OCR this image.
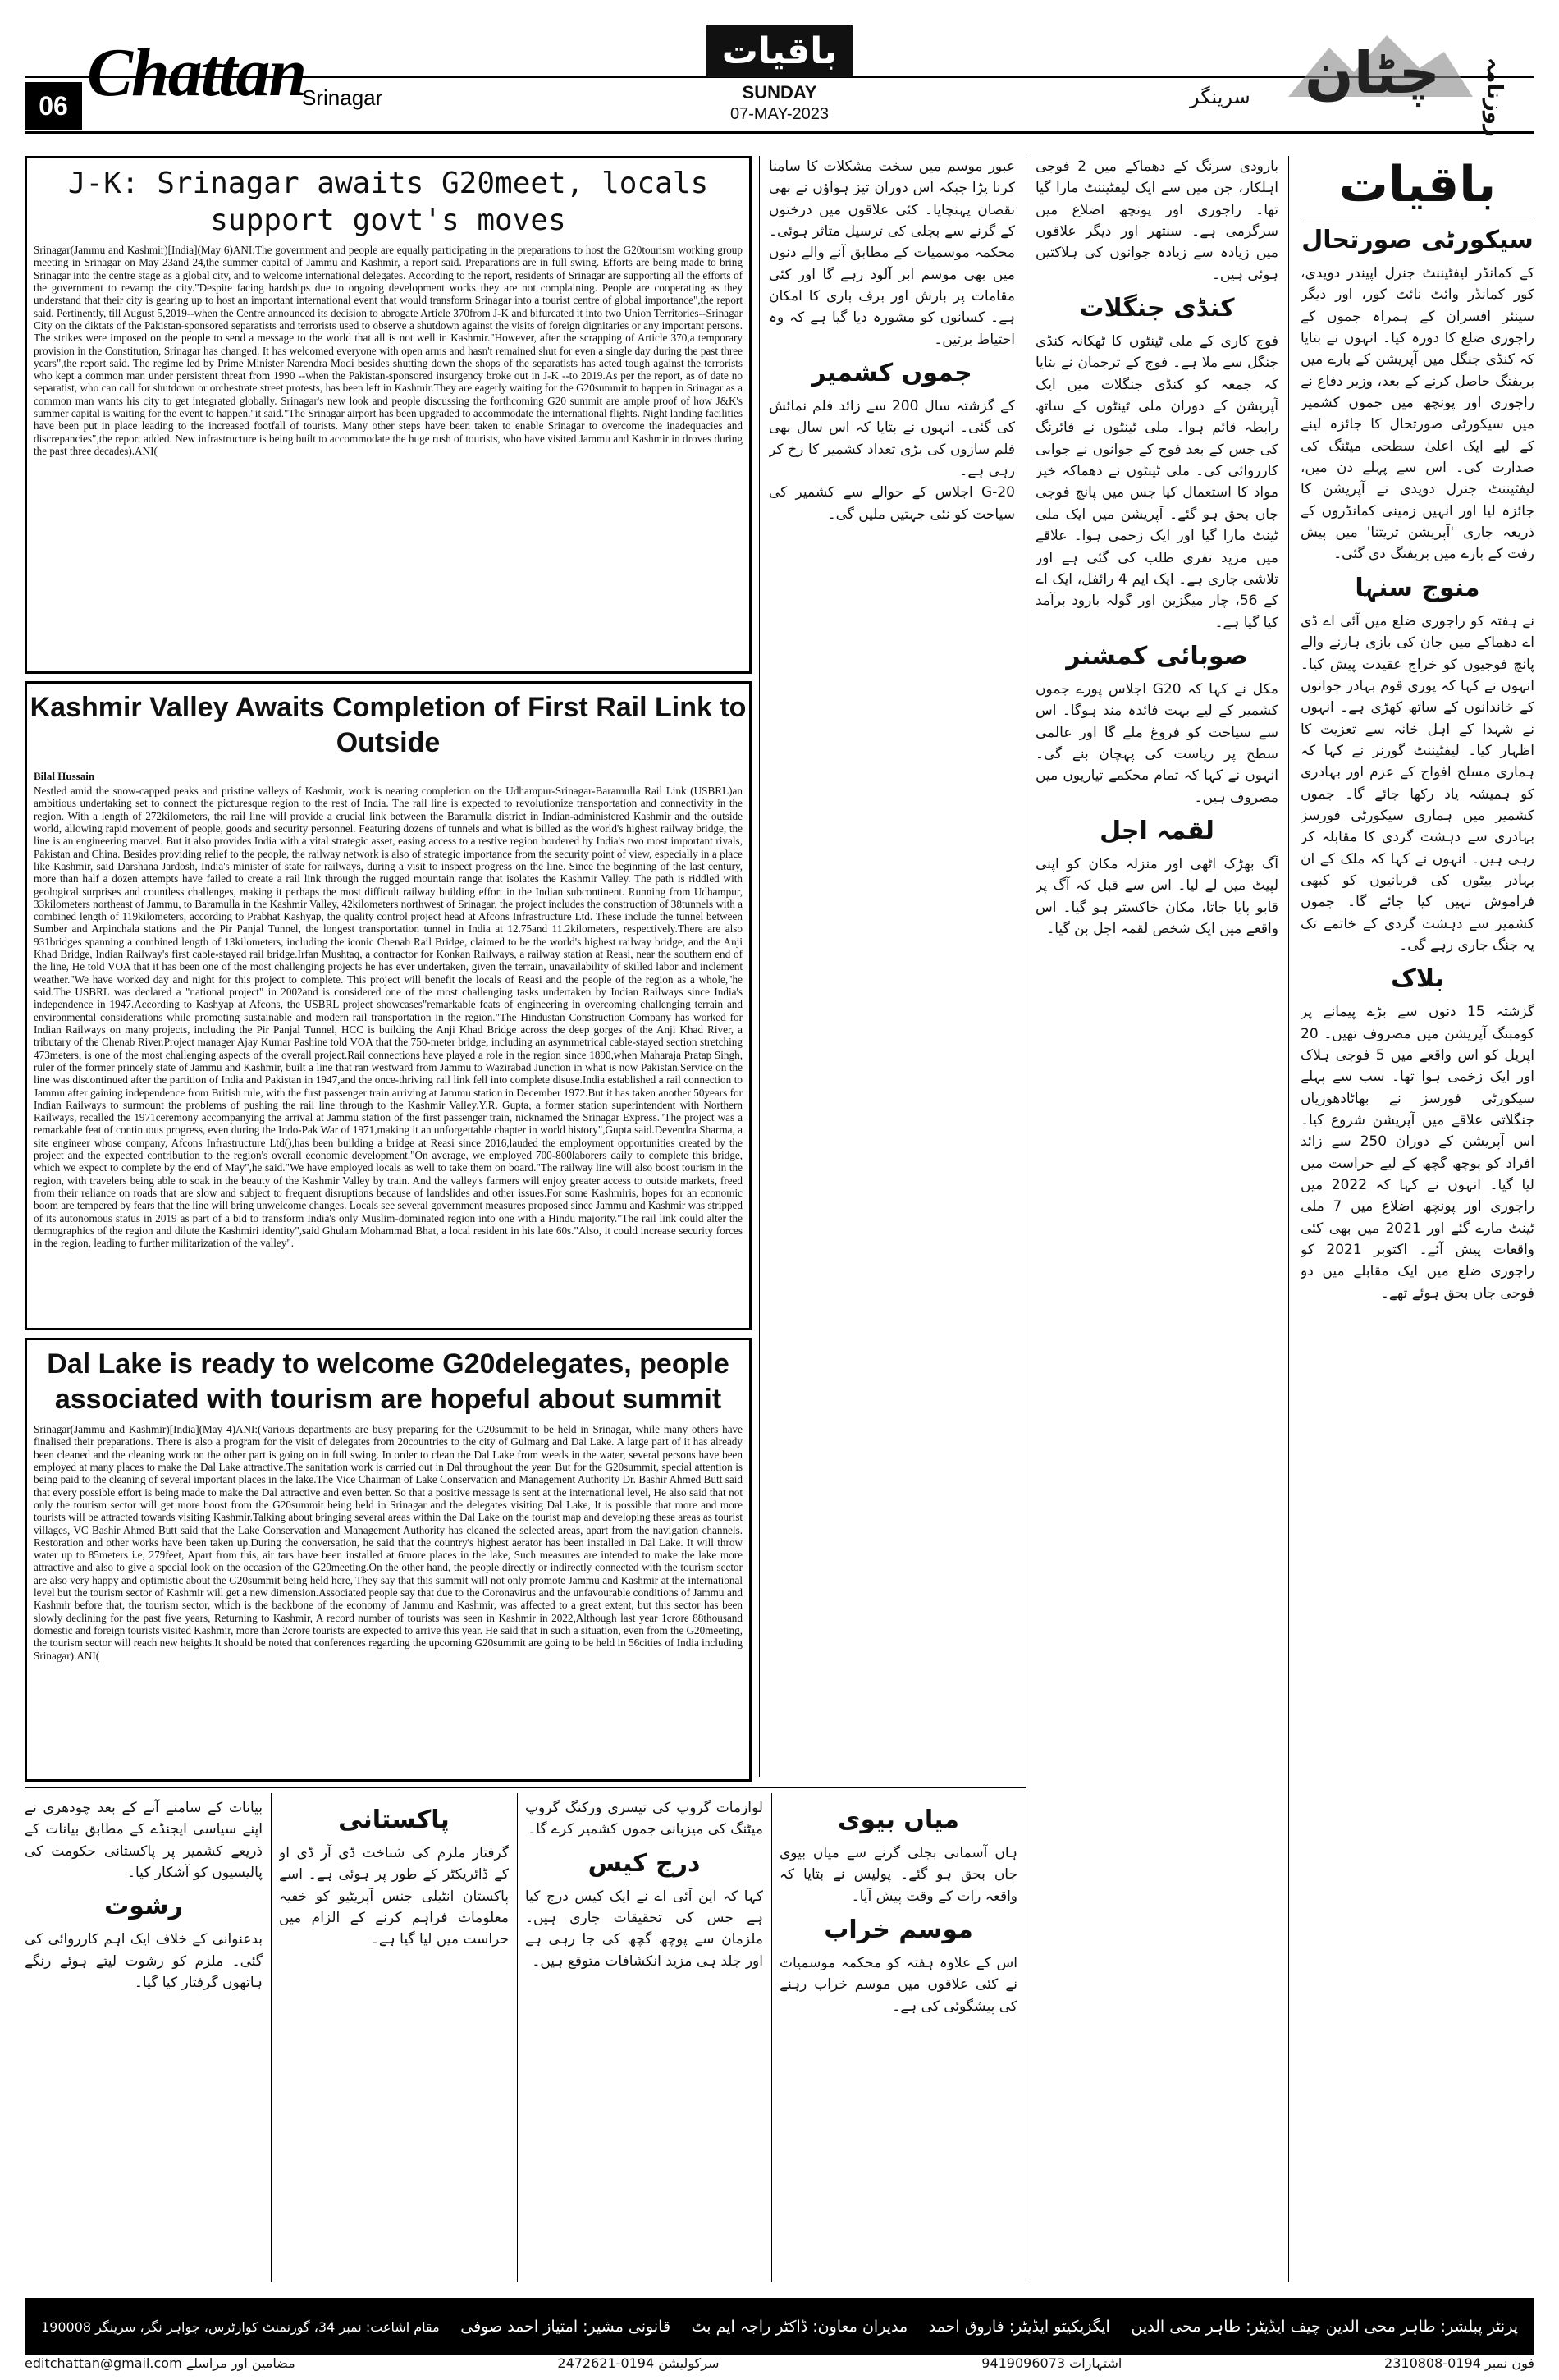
06 Chattan
Srinagar
باقیات
SUNDAY
07-MAY-2023
سرینگر چٹان روزنامہ
J-K: Srinagar awaits G20meet, locals support govt's moves
Srinagar(Jammu and Kashmir)[India](May 6)ANI:The government and people are equally participating in the preparations to host the G20tourism working group meeting in Srinagar on May 23and 24,the summer capital of Jammu and Kashmir, a report said. Preparations are in full swing. Efforts are being made to bring Srinagar into the centre stage as a global city, and to welcome international delegates. According to the report, residents of Srinagar are supporting all the efforts of the government to revamp the city."Despite facing hardships due to ongoing development works they are not complaining. People are cooperating as they understand that their city is gearing up to host an important international event that would transform Srinagar into a tourist centre of global importance",the report said. Pertinently, till August 5,2019--when the Centre announced its decision to abrogate Article 370from J-K and bifurcated it into two Union Territories--Srinagar City on the diktats of the Pakistan-sponsored separatists and terrorists used to observe a shutdown against the visits of foreign dignitaries or any important persons. The strikes were imposed on the people to send a message to the world that all is not well in Kashmir."However, after the scrapping of Article 370,a temporary provision in the Constitution, Srinagar has changed. It has welcomed everyone with open arms and hasn't remained shut for even a single day during the past three years",the report said. The regime led by Prime Minister Narendra Modi besides shutting down the shops of the separatists has acted tough against the terrorists who kept a common man under persistent threat from 1990 --when the Pakistan-sponsored insurgency broke out in J-K --to 2019.As per the report, as of date no separatist, who can call for shutdown or orchestrate street protests, has been left in Kashmir.They are eagerly waiting for the G20summit to happen in Srinagar as a common man wants his city to get integrated globally. Srinagar's new look and people discussing the forthcoming G20 summit are ample proof of how J&K's summer capital is waiting for the event to happen."it said."The Srinagar airport has been upgraded to accommodate the international flights. Night landing facilities have been put in place leading to the increased footfall of tourists. Many other steps have been taken to enable Srinagar to overcome the inadequacies and discrepancies",the report added. New infrastructure is being built to accommodate the huge rush of tourists, who have visited Jammu and Kashmir in droves during the past three decades).ANI(
Kashmir Valley Awaits Completion of First Rail Link to Outside
Bilal Hussain
Nestled amid the snow-capped peaks and pristine valleys of Kashmir, work is nearing completion on the Udhampur-Srinagar-Baramulla Rail Link (USBRL)an ambitious undertaking set to connect the picturesque region to the rest of India. The rail line is expected to revolutionize transportation and connectivity in the region. With a length of 272kilometers, the rail line will provide a crucial link between the Baramulla district in Indian-administered Kashmir and the outside world, allowing rapid movement of people, goods and security personnel. Featuring dozens of tunnels and what is billed as the world's highest railway bridge, the line is an engineering marvel. But it also provides India with a vital strategic asset, easing access to a restive region bordered by India's two most important rivals, Pakistan and China. Besides providing relief to the people, the railway network is also of strategic importance from the security point of view, especially in a place like Kashmir, said Darshana Jardosh, India's minister of state for railways, during a visit to inspect progress on the line. Since the beginning of the last century, more than half a dozen attempts have failed to create a rail link through the rugged mountain range that isolates the Kashmir Valley. The path is riddled with geological surprises and countless challenges, making it perhaps the most difficult railway building effort in the Indian subcontinent. Running from Udhampur, 33kilometers northeast of Jammu, to Baramulla in the Kashmir Valley, 42kilometers northwest of Srinagar, the project includes the construction of 38tunnels with a combined length of 119kilometers, according to Prabhat Kashyap, the quality control project head at Afcons Infrastructure Ltd. These include the tunnel between Sumber and Arpinchala stations and the Pir Panjal Tunnel, the longest transportation tunnel in India at 12.75and 11.2kilometers, respectively.There are also 931bridges spanning a combined length of 13kilometers, including the iconic Chenab Rail Bridge, claimed to be the world's highest railway bridge, and the Anji Khad Bridge, Indian Railway's first cable-stayed rail bridge.Irfan Mushtaq, a contractor for Konkan Railways, a railway station at Reasi, near the southern end of the line, He told VOA that it has been one of the most challenging projects he has ever undertaken, given the terrain, unavailability of skilled labor and inclement weather."We have worked day and night for this project to complete. This project will benefit the locals of Reasi and the people of the region as a whole,"he said.The USBRL was declared a "national project" in 2002and is considered one of the most challenging tasks undertaken by Indian Railways since India's independence in 1947.According to Kashyap at Afcons, the USBRL project showcases"remarkable feats of engineering in overcoming challenging terrain and environmental considerations while promoting sustainable and modern rail transportation in the region."The Hindustan Construction Company has worked for Indian Railways on many projects, including the Pir Panjal Tunnel, HCC is building the Anji Khad Bridge across the deep gorges of the Anji Khad River, a tributary of the Chenab River.Project manager Ajay Kumar Pashine told VOA that the 750-meter bridge, including an asymmetrical cable-stayed section stretching 473meters, is one of the most challenging aspects of the overall project.Rail connections have played a role in the region since 1890,when Maharaja Pratap Singh, ruler of the former princely state of Jammu and Kashmir, built a line that ran westward from Jammu to Wazirabad Junction in what is now Pakistan.Service on the line was discontinued after the partition of India and Pakistan in 1947,and the once-thriving rail link fell into complete disuse.India established a rail connection to Jammu after gaining independence from British rule, with the first passenger train arriving at Jammu station in December 1972.But it has taken another 50years for Indian Railways to surmount the problems of pushing the rail line through to the Kashmir Valley.Y.R. Gupta, a former station superintendent with Northern Railways, recalled the 1971ceremony accompanying the arrival at Jammu station of the first passenger train, nicknamed the Srinagar Express."The project was a remarkable feat of continuous progress, even during the Indo-Pak War of 1971,making it an unforgettable chapter in world history",Gupta said.Devendra Sharma, a site engineer whose company, Afcons Infrastructure Ltd(),has been building a bridge at Reasi since 2016,lauded the employment opportunities created by the project and the expected contribution to the region's overall economic development."On average, we employed 700-800laborers daily to complete this bridge, which we expect to complete by the end of May",he said."We have employed locals as well to take them on board."The railway line will also boost tourism in the region, with travelers being able to soak in the beauty of the Kashmir Valley by train. And the valley's farmers will enjoy greater access to outside markets, freed from their reliance on roads that are slow and subject to frequent disruptions because of landslides and other issues.For some Kashmiris, hopes for an economic boom are tempered by fears that the line will bring unwelcome changes. Locals see several government measures proposed since Jammu and Kashmir was stripped of its autonomous status in 2019 as part of a bid to transform India's only Muslim-dominated region into one with a Hindu majority."The rail link could alter the demographics of the region and dilute the Kashmiri identity",said Ghulam Mohammad Bhat, a local resident in his late 60s."Also, it could increase security forces in the region, leading to further militarization of the valley".
Dal Lake is ready to welcome G20delegates, people associated with tourism are hopeful about summit
Srinagar(Jammu and Kashmir)[India](May 4)ANI:(Various departments are busy preparing for the G20summit to be held in Srinagar, while many others have finalised their preparations. There is also a program for the visit of delegates from 20countries to the city of Gulmarg and Dal Lake. A large part of it has already been cleaned and the cleaning work on the other part is going on in full swing. In order to clean the Dal Lake from weeds in the water, several persons have been employed at many places to make the Dal Lake attractive.The sanitation work is carried out in Dal throughout the year. But for the G20summit, special attention is being paid to the cleaning of several important places in the lake.The Vice Chairman of Lake Conservation and Management Authority Dr. Bashir Ahmed Butt said that every possible effort is being made to make the Dal attractive and even better. So that a positive message is sent at the international level, He also said that not only the tourism sector will get more boost from the G20summit being held in Srinagar and the delegates visiting Dal Lake, It is possible that more and more tourists will be attracted towards visiting Kashmir.Talking about bringing several areas within the Dal Lake on the tourist map and developing these areas as tourist villages, VC Bashir Ahmed Butt said that the Lake Conservation and Management Authority has cleaned the selected areas, apart from the navigation channels. Restoration and other works have been taken up.During the conversation, he said that the country's highest aerator has been installed in Dal Lake. It will throw water up to 85meters i.e, 279feet, Apart from this, air tars have been installed at 6more places in the lake, Such measures are intended to make the lake more attractive and also to give a special look on the occasion of the G20meeting.On the other hand, the people directly or indirectly connected with the tourism sector are also very happy and optimistic about the G20summit being held here, They say that this summit will not only promote Jammu and Kashmir at the international level but the tourism sector of Kashmir will get a new dimension.Associated people say that due to the Coronavirus and the unfavourable conditions of Jammu and Kashmir before that, the tourism sector, which is the backbone of the economy of Jammu and Kashmir, was affected to a great extent, but this sector has been slowly declining for the past five years, Returning to Kashmir, A record number of tourists was seen in Kashmir in 2022,Although last year 1crore 88thousand domestic and foreign tourists visited Kashmir, more than 2crore tourists are expected to arrive this year. He said that in such a situation, even from the G20meeting, the tourism sector will reach new heights.It should be noted that conferences regarding the upcoming G20summit are going to be held in 56cities of India including Srinagar).ANI(
باقیات
سیکورٹی صورتحال
کے کمانڈر لیفٹیننٹ جنرل اپیندر دویدی، کور کمانڈر وائٹ نائٹ کور، اور دیگر سینئر افسران کے ہمراہ جموں کے راجوری ضلع کا دورہ کیا۔ انہوں نے بتایا کہ کنڈی جنگل میں آپریشن کے بارے میں بریفنگ حاصل کرنے کے بعد، وزیر دفاع نے راجوری اور پونچھ میں جموں کشمیر میں سیکورٹی صورتحال کا جائزہ لینے کے لیے ایک اعلیٰ سطحی میٹنگ کی صدارت کی۔ اس سے پہلے دن میں، لیفٹیننٹ جنرل دویدی نے آپریشن کا جائزہ لیا اور انہیں زمینی کمانڈروں کے ذریعہ جاری 'آپریشن تریتنا' میں پیش رفت کے بارے میں بریفنگ دی گئی۔
منوج سنہا
نے ہفتہ کو راجوری ضلع میں آئی اے ڈی اے دھماکے میں جان کی بازی ہارنے والے پانچ فوجیوں کو خراج عقیدت پیش کیا۔ انہوں نے کہا کہ پوری قوم بہادر جوانوں کے خاندانوں کے ساتھ کھڑی ہے۔ انہوں نے شہدا کے اہل خانہ سے تعزیت کا اظہار کیا۔ لیفٹیننٹ گورنر نے کہا کہ ہماری مسلح افواج کے عزم اور بہادری کو ہمیشہ یاد رکھا جائے گا۔ جموں کشمیر میں ہماری سیکورٹی فورسز بہادری سے دہشت گردی کا مقابلہ کر رہی ہیں۔ انہوں نے کہا کہ ملک کے ان بہادر بیٹوں کی قربانیوں کو کبھی فراموش نہیں کیا جائے گا۔ جموں کشمیر سے دہشت گردی کے خاتمے تک یہ جنگ جاری رہے گی۔
بلاک
گزشتہ 15 دنوں سے بڑے پیمانے پر کومبنگ آپریشن میں مصروف تھیں۔ 20 اپریل کو اس واقعے میں 5 فوجی ہلاک اور ایک زخمی ہوا تھا۔ سب سے پہلے سیکورٹی فورسز نے بھاٹادھوریاں جنگلاتی علاقے میں آپریشن شروع کیا۔ اس آپریشن کے دوران 250 سے زائد افراد کو پوچھ گچھ کے لیے حراست میں لیا گیا۔ انہوں نے کہا کہ 2022 میں راجوری اور پونچھ اضلاع میں 7 ملی ٹینٹ مارے گئے اور 2021 میں بھی کئی واقعات پیش آئے۔ اکتوبر 2021 کو راجوری ضلع میں ایک مقابلے میں دو فوجی جاں بحق ہوئے تھے۔
بارودی سرنگ کے دھماکے میں 2 فوجی اہلکار، جن میں سے ایک لیفٹیننٹ مارا گیا تھا۔ راجوری اور پونچھ اضلاع میں سرگرمی ہے۔ سنتھر اور دیگر علاقوں میں زیادہ سے زیادہ جوانوں کی ہلاکتیں ہوئی ہیں۔
کنڈی جنگلات
فوج کاری کے ملی ٹینٹوں کا ٹھکانہ کنڈی جنگل سے ملا ہے۔ فوج کے ترجمان نے بتایا کہ جمعہ کو کنڈی جنگلات میں ایک آپریشن کے دوران ملی ٹینٹوں کے ساتھ رابطہ قائم ہوا۔ ملی ٹینٹوں نے فائرنگ کی جس کے بعد فوج کے جوانوں نے جوابی کارروائی کی۔ ملی ٹینٹوں نے دھماکہ خیز مواد کا استعمال کیا جس میں پانچ فوجی جاں بحق ہو گئے۔ آپریشن میں ایک ملی ٹینٹ مارا گیا اور ایک زخمی ہوا۔ علاقے میں مزید نفری طلب کی گئی ہے اور تلاشی جاری ہے۔ ایک ایم 4 رائفل، ایک اے کے 56، چار میگزین اور گولہ بارود برآمد کیا گیا ہے۔
صوبائی کمشنر
مکل نے کہا کہ G20 اجلاس پورے جموں کشمیر کے لیے بہت فائدہ مند ہوگا۔ اس سے سیاحت کو فروغ ملے گا اور عالمی سطح پر ریاست کی پہچان بنے گی۔ انہوں نے کہا کہ تمام محکمے تیاریوں میں مصروف ہیں۔
لقمہ اجل
آگ بھڑک اٹھی اور منزلہ مکان کو اپنی لپیٹ میں لے لیا۔ اس سے قبل کہ آگ پر قابو پایا جاتا، مکان خاکستر ہو گیا۔ اس واقعے میں ایک شخص لقمہ اجل بن گیا۔
عبور موسم میں سخت مشکلات کا سامنا کرنا پڑا جبکہ اس دوران تیز ہواؤں نے بھی نقصان پہنچایا۔ کئی علاقوں میں درختوں کے گرنے سے بجلی کی ترسیل متاثر ہوئی۔ محکمہ موسمیات کے مطابق آنے والے دنوں میں بھی موسم ابر آلود رہے گا اور کئی مقامات پر بارش اور برف باری کا امکان ہے۔ کسانوں کو مشورہ دیا گیا ہے کہ وہ احتیاط برتیں۔
جموں کشمیر
کے گزشتہ سال 200 سے زائد فلم نمائش کی گئی۔ انہوں نے بتایا کہ اس سال بھی فلم سازوں کی بڑی تعداد کشمیر کا رخ کر رہی ہے۔
G-20 اجلاس کے حوالے سے کشمیر کی سیاحت کو نئی جہتیں ملیں گی۔
بیانات کے سامنے آنے کے بعد چودھری نے اپنے سیاسی ایجنڈے کے مطابق بیانات کے ذریعے کشمیر پر پاکستانی حکومت کی پالیسیوں کو آشکار کیا۔
رشوت
بدعنوانی کے خلاف ایک اہم کارروائی کی گئی۔ ملزم کو رشوت لیتے ہوئے رنگے ہاتھوں گرفتار کیا گیا۔
پاکستانی
گرفتار ملزم کی شناخت ڈی آر ڈی او کے ڈائریکٹر کے طور پر ہوئی ہے۔ اسے پاکستان انٹیلی جنس آپریٹیو کو خفیہ معلومات فراہم کرنے کے الزام میں حراست میں لیا گیا ہے۔
لوازمات گروپ کی تیسری ورکنگ گروپ میٹنگ کی میزبانی جموں کشمیر کرے گا۔
درج کیس
کہا کہ این آئی اے نے ایک کیس درج کیا ہے جس کی تحقیقات جاری ہیں۔ ملزمان سے پوچھ گچھ کی جا رہی ہے اور جلد ہی مزید انکشافات متوقع ہیں۔
میاں بیوی
ہاں آسمانی بجلی گرنے سے میاں بیوی جاں بحق ہو گئے۔ پولیس نے بتایا کہ واقعہ رات کے وقت پیش آیا۔
موسم خراب
اس کے علاوہ ہفتہ کو محکمہ موسمیات نے کئی علاقوں میں موسم خراب رہنے کی پیشگوئی کی ہے۔
پرنٹر پبلشر: طاہر محی الدین چیف ایڈیٹر: طاہر محی الدین
ایگزیکیٹو ایڈیٹر: فاروق احمد
مدیران معاون: ڈاکٹر راجہ ایم بٹ
قانونی مشیر: امتیاز احمد صوفی
مقام اشاعت: نمبر 34، گورنمنٹ کوارٹرس، جواہر نگر، سرینگر 190008
فون نمبر 0194-2310808
اشتہارات 9419096073
سرکولیشن 0194-2472621
مضامین اور مراسلے editchattan@gmail.com
